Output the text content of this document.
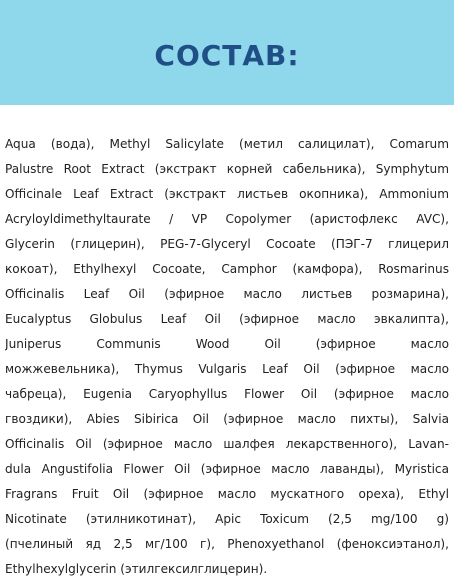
СОСТАВ:
Aqua (вода), Methyl Salicylate (метил салицилат), Comarum
Palustre Root Extract (экстракт корней сабельника), Symphytum
Officinale Leaf Extract (экстракт листьев окопника), Ammonium
Acryloyldimethyltaurate / VP Copolymer (аристофлекс AVC),
Glycerin (глицерин), PEG-7-Glyceryl Cocoate (ПЭГ-7 глицерил
кокоат), Ethylhexyl Cocoate, Camphor (камфора), Rosmarinus
Officinalis Leaf Oil (эфирное масло листьев розмарина),
Eucalyptus Globulus Leaf Oil (эфирное масло эвкалипта),
Juniperus Communis Wood Oil (эфирное масло
можжевельника), Thymus Vulgaris Leaf Oil (эфирное масло
чабреца), Eugenia Caryophyllus Flower Oil (эфирное масло
гвоздики), Abies Sibirica Oil (эфирное масло пихты), Salvia
Officinalis Oil (эфирное масло шалфея лекарственного), Lavan-
dula Angustifolia Flower Oil (эфирное масло лаванды), Myristica
Fragrans Fruit Oil (эфирное масло мускатного ореха), Ethyl
Nicotinate (этилникотинат), Apic Toxicum (2,5 mg/100 g)
(пчелиный яд 2,5 мг/100 г), Phenoxyethanol (феноксиэтанол),
Ethylhexylglycerin (этилгексилглицерин).
